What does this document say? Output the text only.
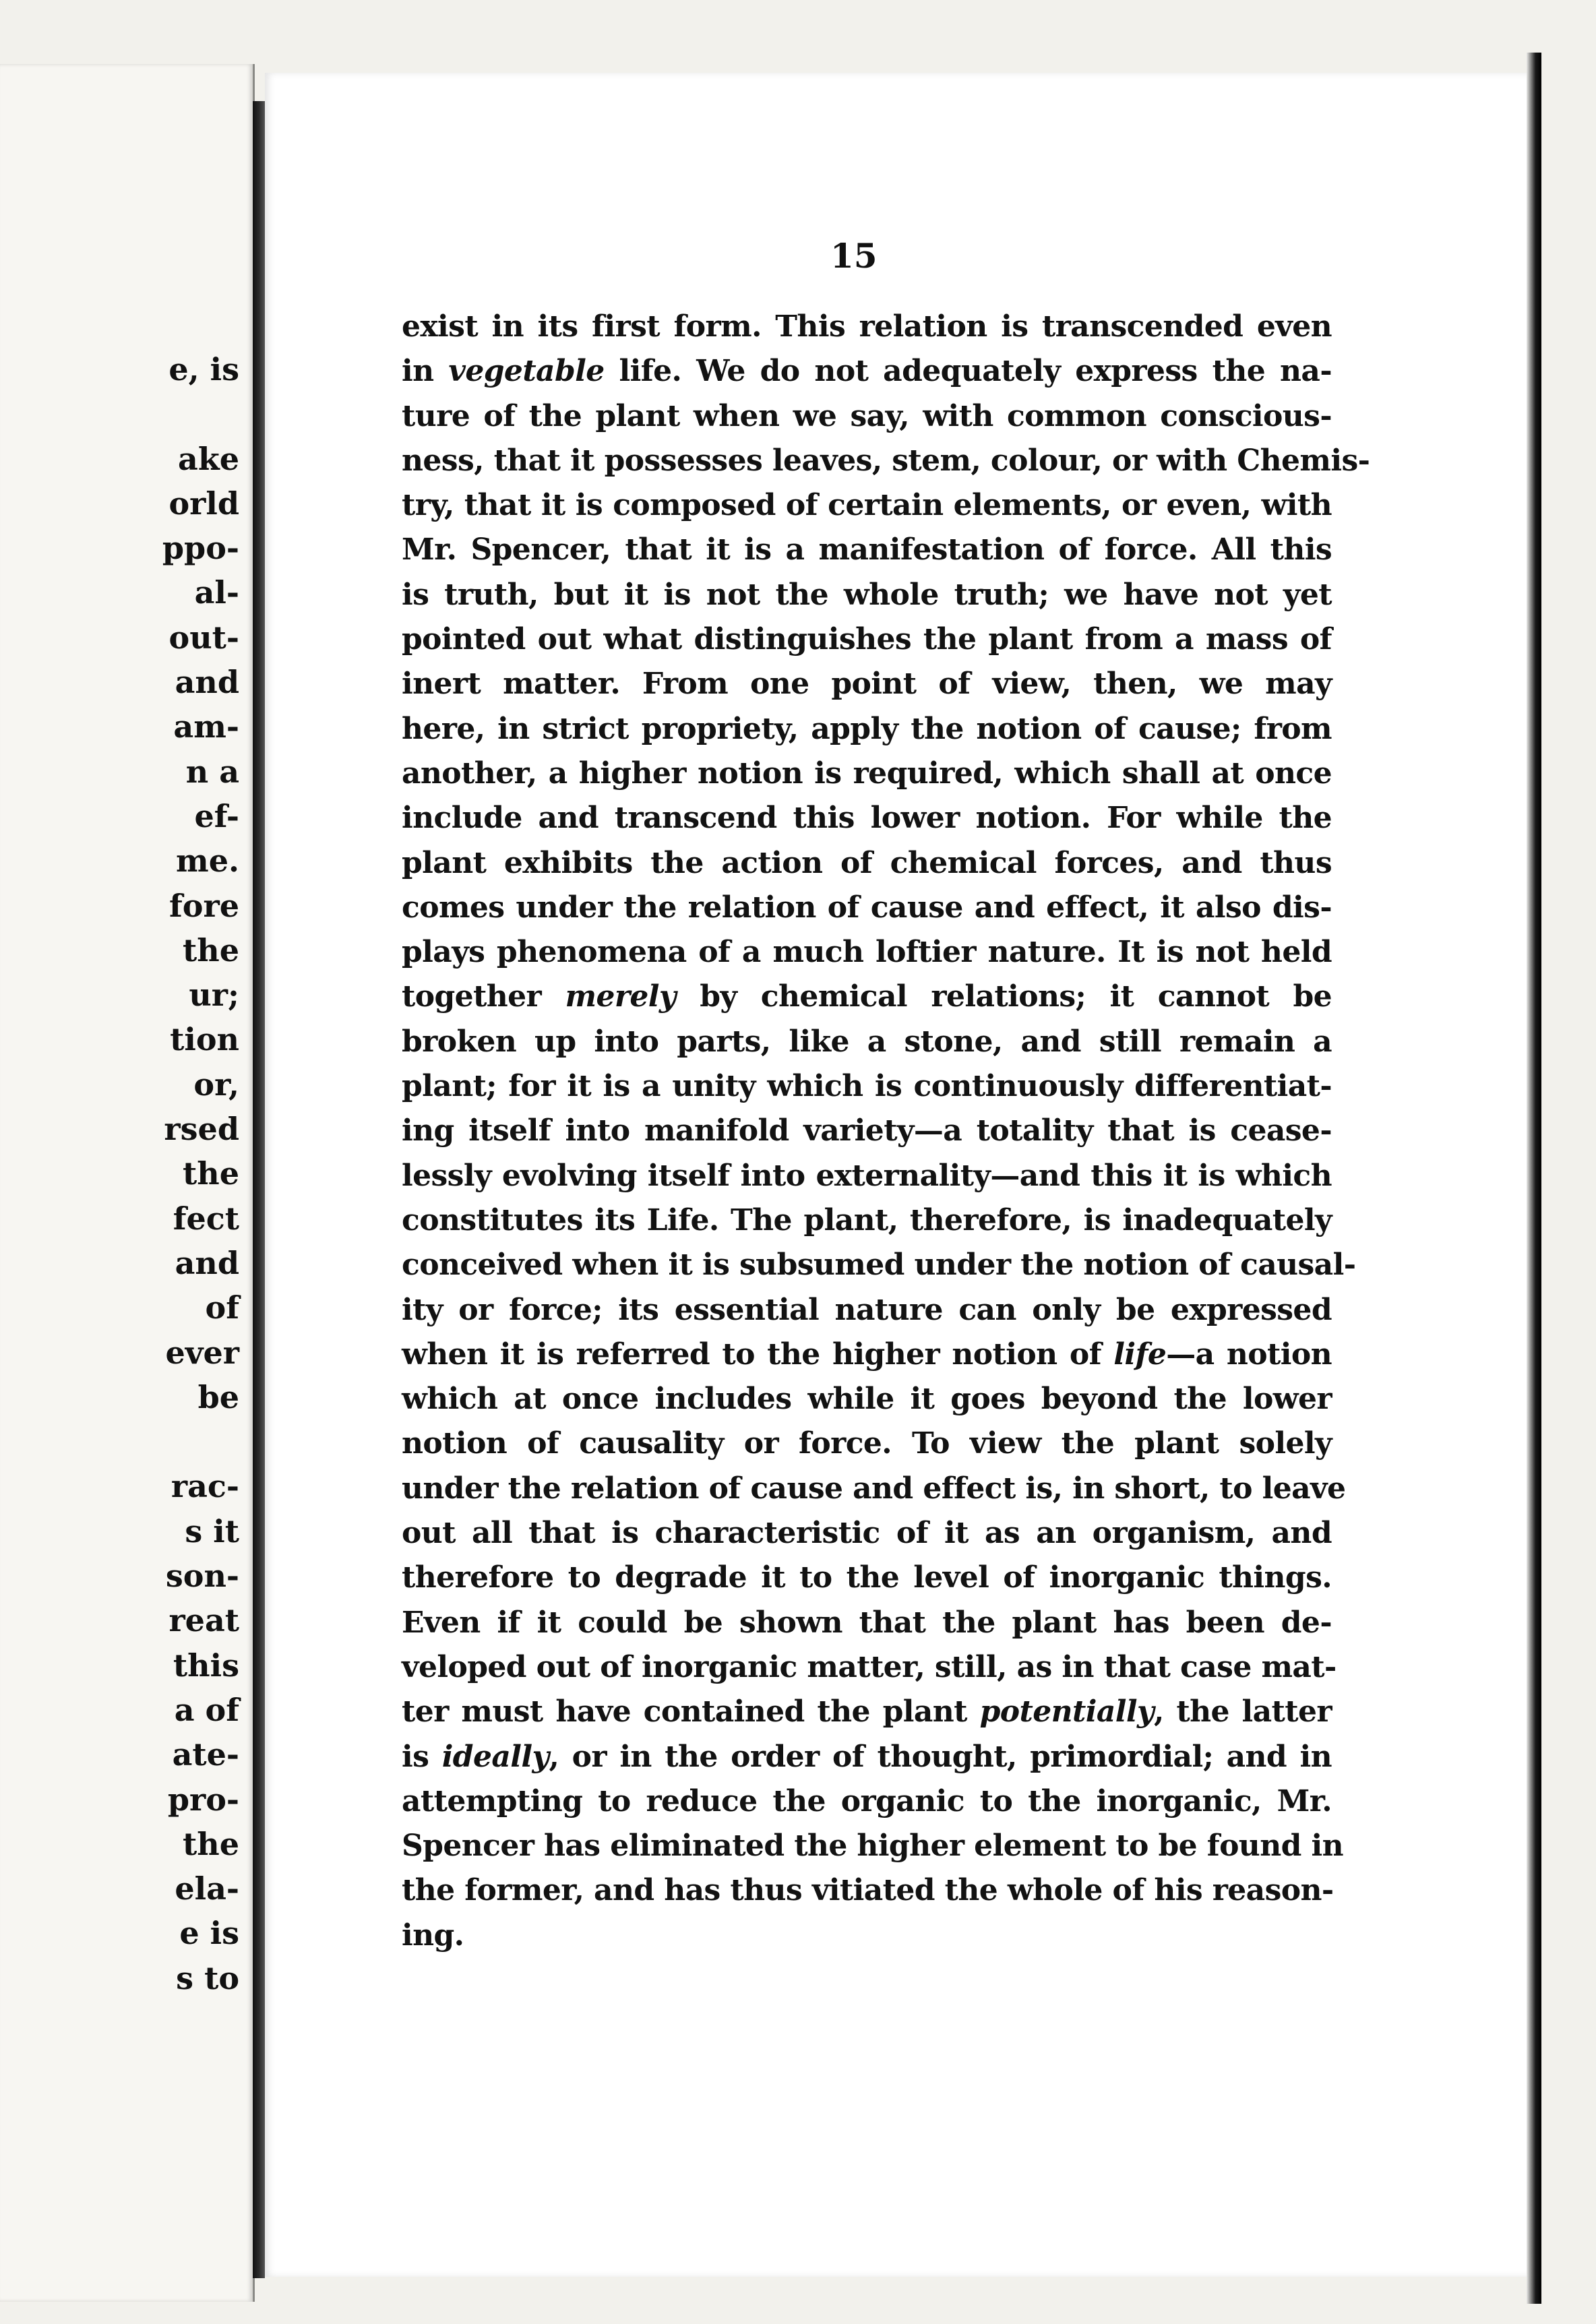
e, is

ake
orld
ppo-
al-
out-
and
am-
n a
ef-
me.
fore
the
ur;
tion
or,
rsed
the
fect
and
of
ever
be

rac-
s it
son-
reat
this
a of
ate-
pro-
the
ela-
e is
s to
15
exist in its first form. This relation is transcended even
in vegetable life. We do not adequately express the na-
ture of the plant when we say, with common conscious-
ness, that it possesses leaves, stem, colour, or with Chemis-
try, that it is composed of certain elements, or even, with
Mr. Spencer, that it is a manifestation of force. All this
is truth, but it is not the whole truth; we have not yet
pointed out what distinguishes the plant from a mass of
inert matter. From one point of view, then, we may
here, in strict propriety, apply the notion of cause; from
another, a higher notion is required, which shall at once
include and transcend this lower notion. For while the
plant exhibits the action of chemical forces, and thus
comes under the relation of cause and effect, it also dis-
plays phenomena of a much loftier nature. It is not held
together merely by chemical relations; it cannot be
broken up into parts, like a stone, and still remain a
plant; for it is a unity which is continuously differentiat-
ing itself into manifold variety—a totality that is cease-
lessly evolving itself into externality—and this it is which
constitutes its Life. The plant, therefore, is inadequately
conceived when it is subsumed under the notion of causal-
ity or force; its essential nature can only be expressed
when it is referred to the higher notion of life—a notion
which at once includes while it goes beyond the lower
notion of causality or force. To view the plant solely
under the relation of cause and effect is, in short, to leave
out all that is characteristic of it as an organism, and
therefore to degrade it to the level of inorganic things.
Even if it could be shown that the plant has been de-
veloped out of inorganic matter, still, as in that case mat-
ter must have contained the plant potentially, the latter
is ideally, or in the order of thought, primordial; and in
attempting to reduce the organic to the inorganic, Mr.
Spencer has eliminated the higher element to be found in
the former, and has thus vitiated the whole of his reason-
ing.
